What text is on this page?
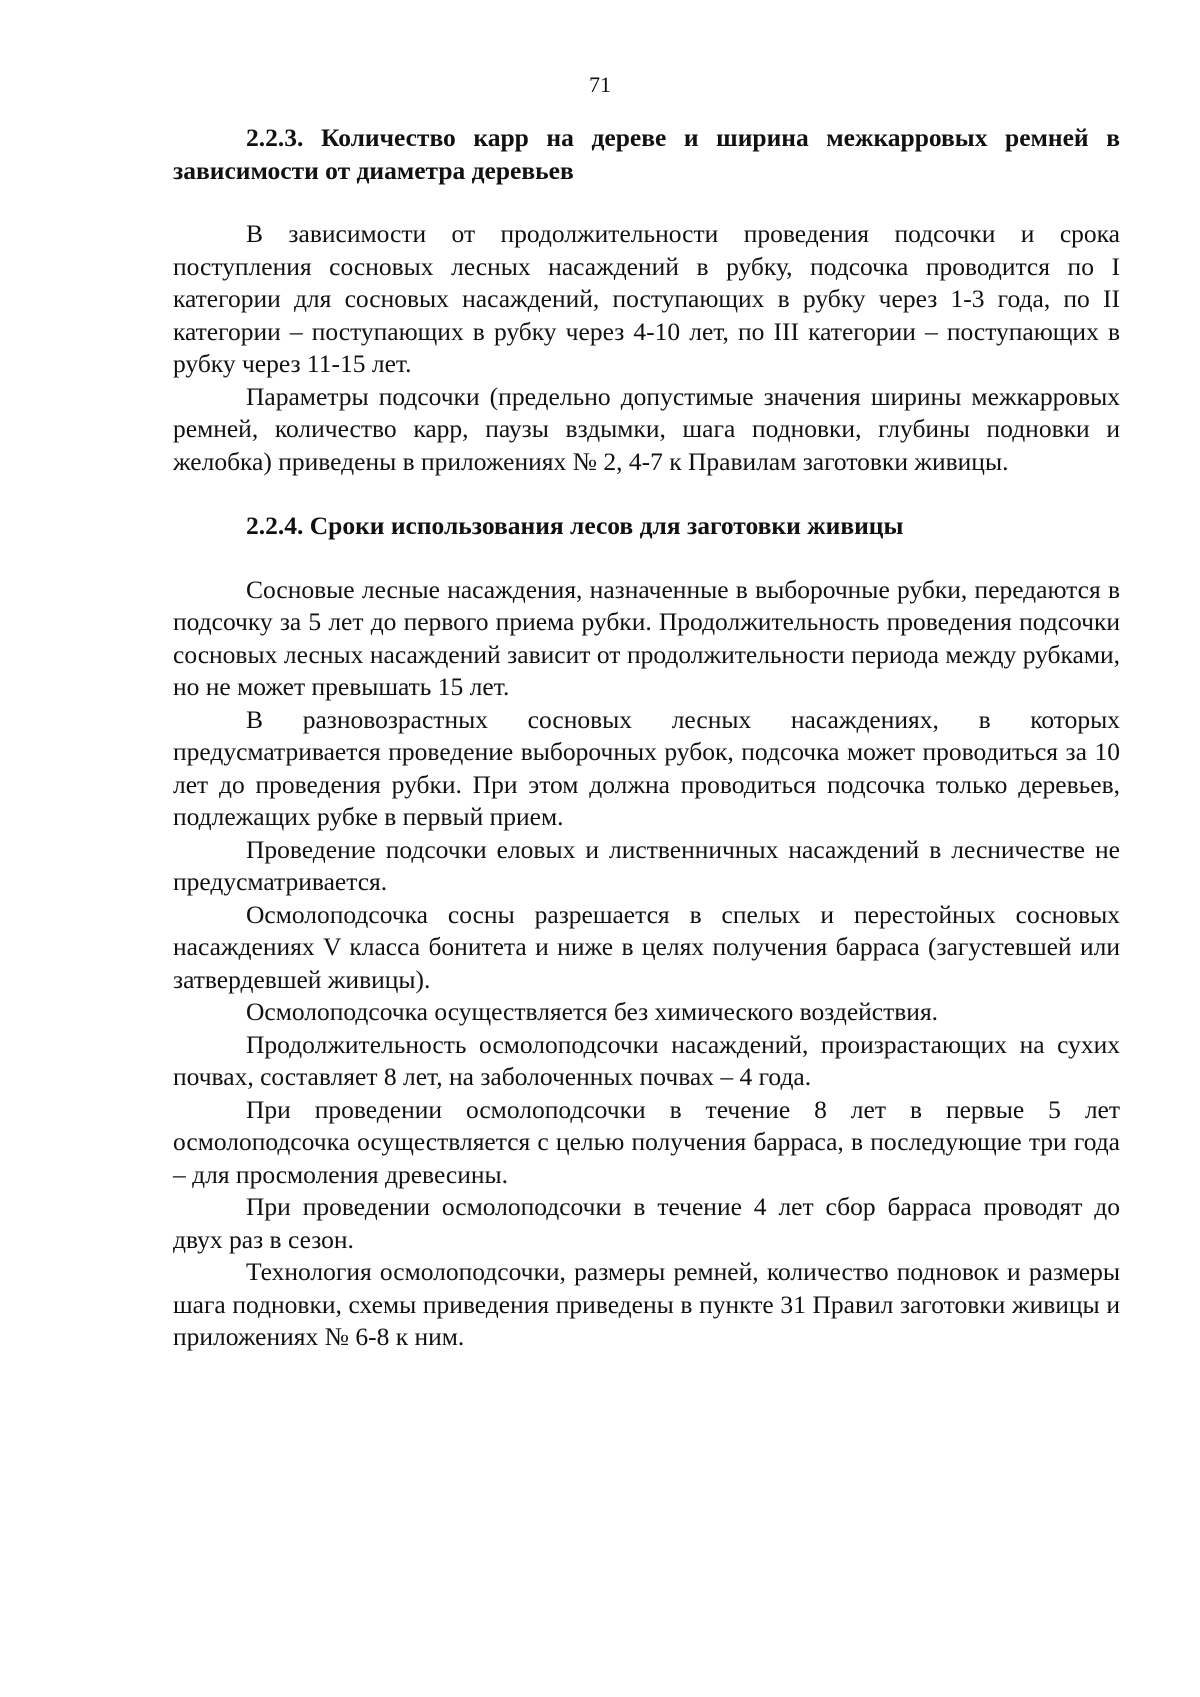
71

2.2.3. Количество карр на дереве и ширина межкарровых ремней в зависимости от диаметра деревьев

В зависимости от продолжительности проведения подсочки и срока поступления сосновых лесных насаждений в рубку, подсочка проводится по I категории для сосновых насаждений, поступающих в рубку через 1-3 года, по II категории – поступающих в рубку через 4-10 лет, по III категории – поступающих в рубку через 11-15 лет.

Параметры подсочки (предельно допустимые значения ширины межкарровых ремней, количество карр, паузы вздымки, шага подновки, глубины подновки и желобка) приведены в приложениях № 2, 4-7 к Правилам заготовки живицы.

2.2.4. Сроки использования лесов для заготовки живицы

Сосновые лесные насаждения, назначенные в выборочные рубки, передаются в подсочку за 5 лет до первого приема рубки. Продолжительность проведения подсочки сосновых лесных насаждений зависит от продолжительности периода между рубками, но не может превышать 15 лет.

В разновозрастных сосновых лесных насаждениях, в которых предусматривается проведение выборочных рубок, подсочка может проводиться за 10 лет до проведения рубки. При этом должна проводиться подсочка только деревьев, подлежащих рубке в первый прием.

Проведение подсочки еловых и лиственничных насаждений в лесничестве не предусматривается.

Осмолоподсочка сосны разрешается в спелых и перестойных сосновых насаждениях V класса бонитета и ниже в целях получения барраса (загустевшей или затвердевшей живицы).

Осмолоподсочка осуществляется без химического воздействия.

Продолжительность осмолоподсочки насаждений, произрастающих на сухих почвах, составляет 8 лет, на заболоченных почвах – 4 года.

При проведении осмолоподсочки в течение 8 лет в первые 5 лет осмолоподсочка осуществляется с целью получения барраса, в последующие три года – для просмоления древесины.

При проведении осмолоподсочки в течение 4 лет сбор барраса проводят до двух раз в сезон.

Технология осмолоподсочки, размеры ремней, количество подновок и размеры шага подновки, схемы приведения приведены в пункте 31 Правил заготовки живицы и приложениях № 6-8 к ним.
